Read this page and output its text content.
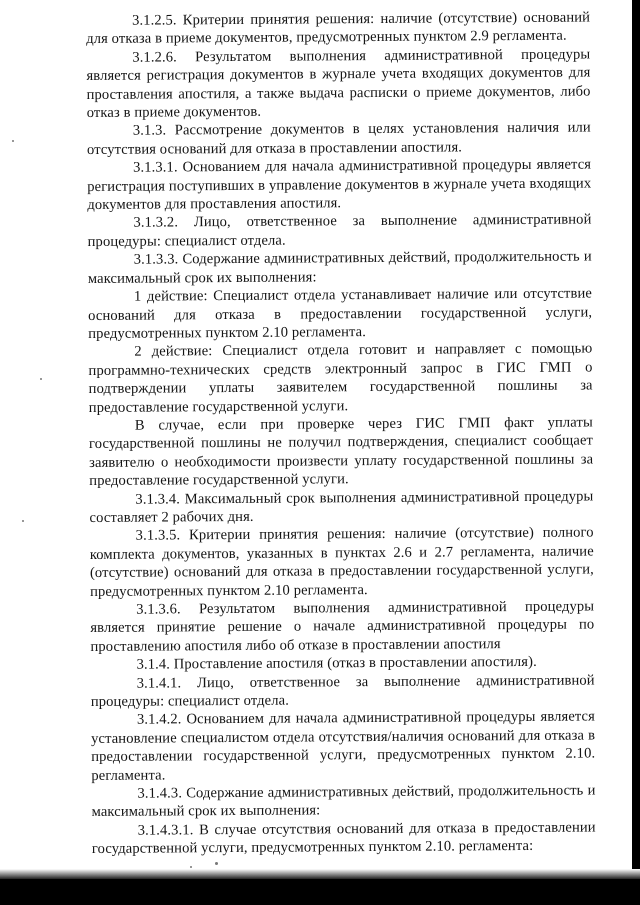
3.1.2.5. Критерии принятия решения: наличие (отсутствие) оснований для отказа в приеме документов, предусмотренных пунктом 2.9 регламента.

3.1.2.6. Результатом выполнения административной процедуры является регистрация документов в журнале учета входящих документов для проставления апостиля, а также выдача расписки о приеме документов, либо отказ в приеме документов.

3.1.3. Рассмотрение документов в целях установления наличия или отсутствия оснований для отказа в проставлении апостиля.

3.1.3.1. Основанием для начала административной процедуры является регистрация поступивших в управление документов в журнале учета входящих документов для проставления апостиля.

3.1.3.2. Лицо, ответственное за выполнение административной процедуры: специалист отдела.

3.1.3.3. Содержание административных действий, продолжительность и максимальный срок их выполнения:

1 действие: Специалист отдела устанавливает наличие или отсутствие оснований для отказа в предоставлении государственной услуги, предусмотренных пунктом 2.10 регламента.

2 действие: Специалист отдела готовит и направляет с помощью программно-технических средств электронный запрос в ГИС ГМП о подтверждении уплаты заявителем государственной пошлины за предоставление государственной услуги.

В случае, если при проверке через ГИС ГМП факт уплаты государственной пошлины не получил подтверждения, специалист сообщает заявителю о необходимости произвести уплату государственной пошлины за предоставление государственной услуги.

3.1.3.4. Максимальный срок выполнения административной процедуры составляет 2 рабочих дня.

3.1.3.5. Критерии принятия решения: наличие (отсутствие) полного комплекта документов, указанных в пунктах 2.6 и 2.7 регламента, наличие (отсутствие) оснований для отказа в предоставлении государственной услуги, предусмотренных пунктом 2.10 регламента.

3.1.3.6. Результатом выполнения административной процедуры является принятие решение о начале административной процедуры по проставлению апостиля либо об отказе в проставлении апостиля

3.1.4. Проставление апостиля (отказ в проставлении апостиля).

3.1.4.1. Лицо, ответственное за выполнение административной процедуры: специалист отдела.

3.1.4.2. Основанием для начала административной процедуры является установление специалистом отдела отсутствия/наличия оснований для отказа в предоставлении государственной услуги, предусмотренных пунктом 2.10. регламента.

3.1.4.3. Содержание административных действий, продолжительность и максимальный срок их выполнения:

3.1.4.3.1. В случае отсутствия оснований для отказа в предоставлении государственной услуги, предусмотренных пунктом 2.10. регламента:
